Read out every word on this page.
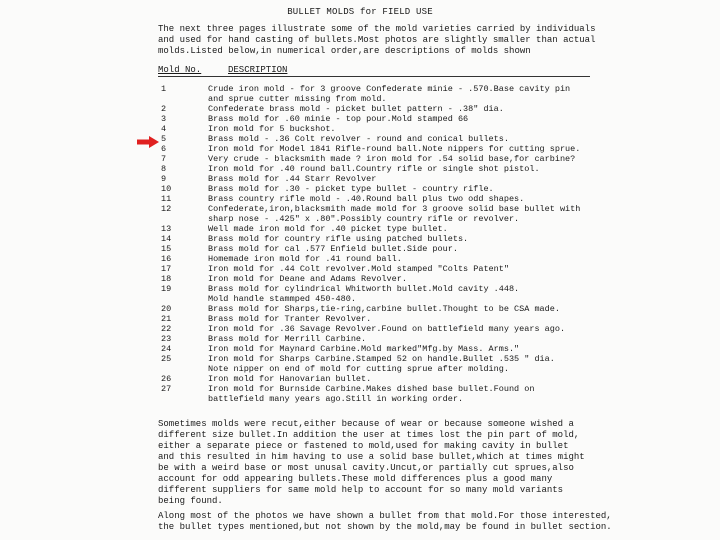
BULLET MOLDS for FIELD USE
The next three pages illustrate some of the mold varieties carried by individuals
and used for hand casting of bullets.Most photos are slightly smaller than actual
molds.Listed below,in numerical order,are descriptions of molds shown
Mold No.	DESCRIPTION
1	Crude iron mold - for 3 groove Confederate minie - .570.Base cavity pin
and sprue cutter missing from mold.
2	Confederate brass mold - picket bullet pattern - .38" dia.
3	Brass mold for .60 minie - top pour.Mold stamped 66
4	Iron mold for 5 buckshot.
5	Brass mold - .36 Colt revolver - round and conical bullets.
6	Iron mold for Model 1841 Rifle-round ball.Note nippers for cutting sprue.
7	Very crude - blacksmith made ? iron mold for .54 solid base,for carbine?
8	Iron mold for .40 round ball.Country rifle or single shot pistol.
9	Brass mold for .44 Starr Revolver
10	Brass mold for .30 - picket type bullet - country rifle.
11	Brass country rifle mold - .40.Round ball plus two odd shapes.
12	Confederate,iron,blacksmith made mold for 3 groove solid base bullet with
sharp nose - .425" x .80".Possibly country rifle or revolver.
13	Well made iron mold for .40 picket type bullet.
14	Brass mold for country rifle using patched bullets.
15	Brass mold for cal .577 Enfield bullet.Side pour.
16	Homemade iron mold for .41 round ball.
17	Iron mold for .44 Colt revolver.Mold stamped "Colts Patent"
18	Iron mold for Deane and Adams Revolver.
19	Brass mold for cylindrical Whitworth bullet.Mold cavity .448.
Mold handle stammped 450-480.
20	Brass mold for Sharps,tie-ring,carbine bullet.Thought to be CSA made.
21	Brass mold for Tranter Revolver.
22	Iron mold for .36 Savage Revolver.Found on battlefield many years ago.
23	Brass mold for Merrill Carbine.
24	Iron mold for Maynard Carbine.Mold marked"Mfg.by Mass. Arms."
25	Iron mold for Sharps Carbine.Stamped 52 on handle.Bullet .535 " dia.
Note nipper on end of mold for cutting sprue after molding.
26	Iron mold for Hanovarian bullet.
27	Iron mold for Burnside Carbine.Makes dished base bullet.Found on
battlefield many years ago.Still in working order.
Sometimes molds were recut,either because of wear or because someone wished a
different size bullet.In addition the user at times lost the pin part of mold,
either a separate piece or fastened to mold,used for making cavity in bullet
and this resulted in him having to use a solid base bullet,which at times might
be with a weird base or most unusal cavity.Uncut,or partially cut sprues,also
account for odd appearing bullets.These mold differences plus a good many
different suppliers for same mold help to account for so many mold variants
being found.
Along most of the photos we have shown a bullet from that mold.For those interested,
the bullet types mentioned,but not shown by the mold,may be found in bullet section.
